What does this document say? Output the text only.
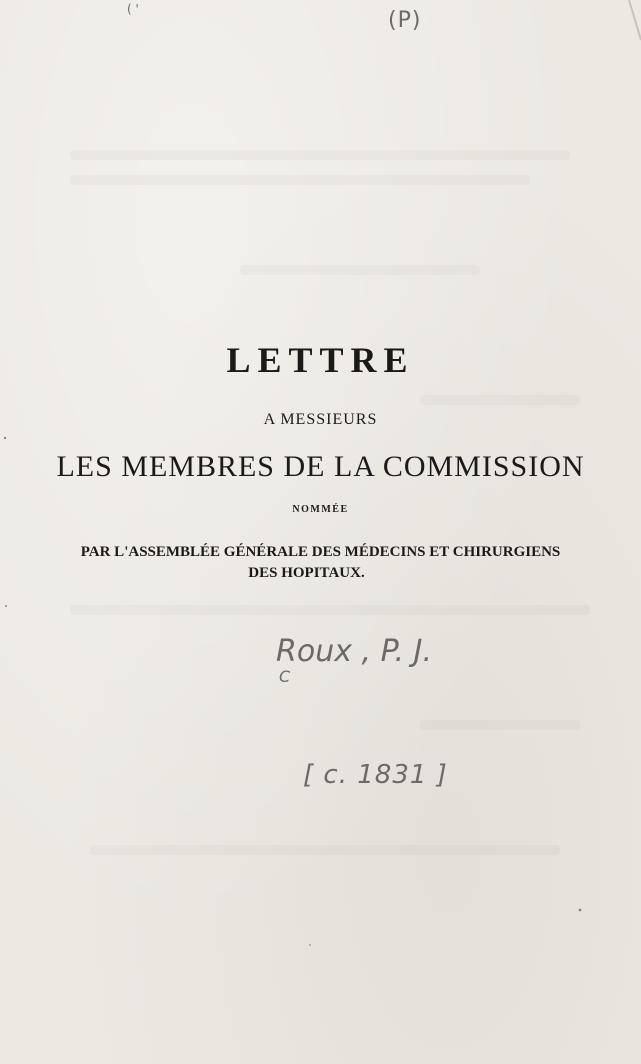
( '	(P)
LETTRE
A MESSIEURS
LES MEMBRES DE LA COMMISSION
NOMMÉE
PAR L'ASSEMBLÉE GÉNÉRALE DES MÉDECINS ET CHIRURGIENS
DES HOPITAUX.
Roux , P. J.
C
[ c. 1831 ]
